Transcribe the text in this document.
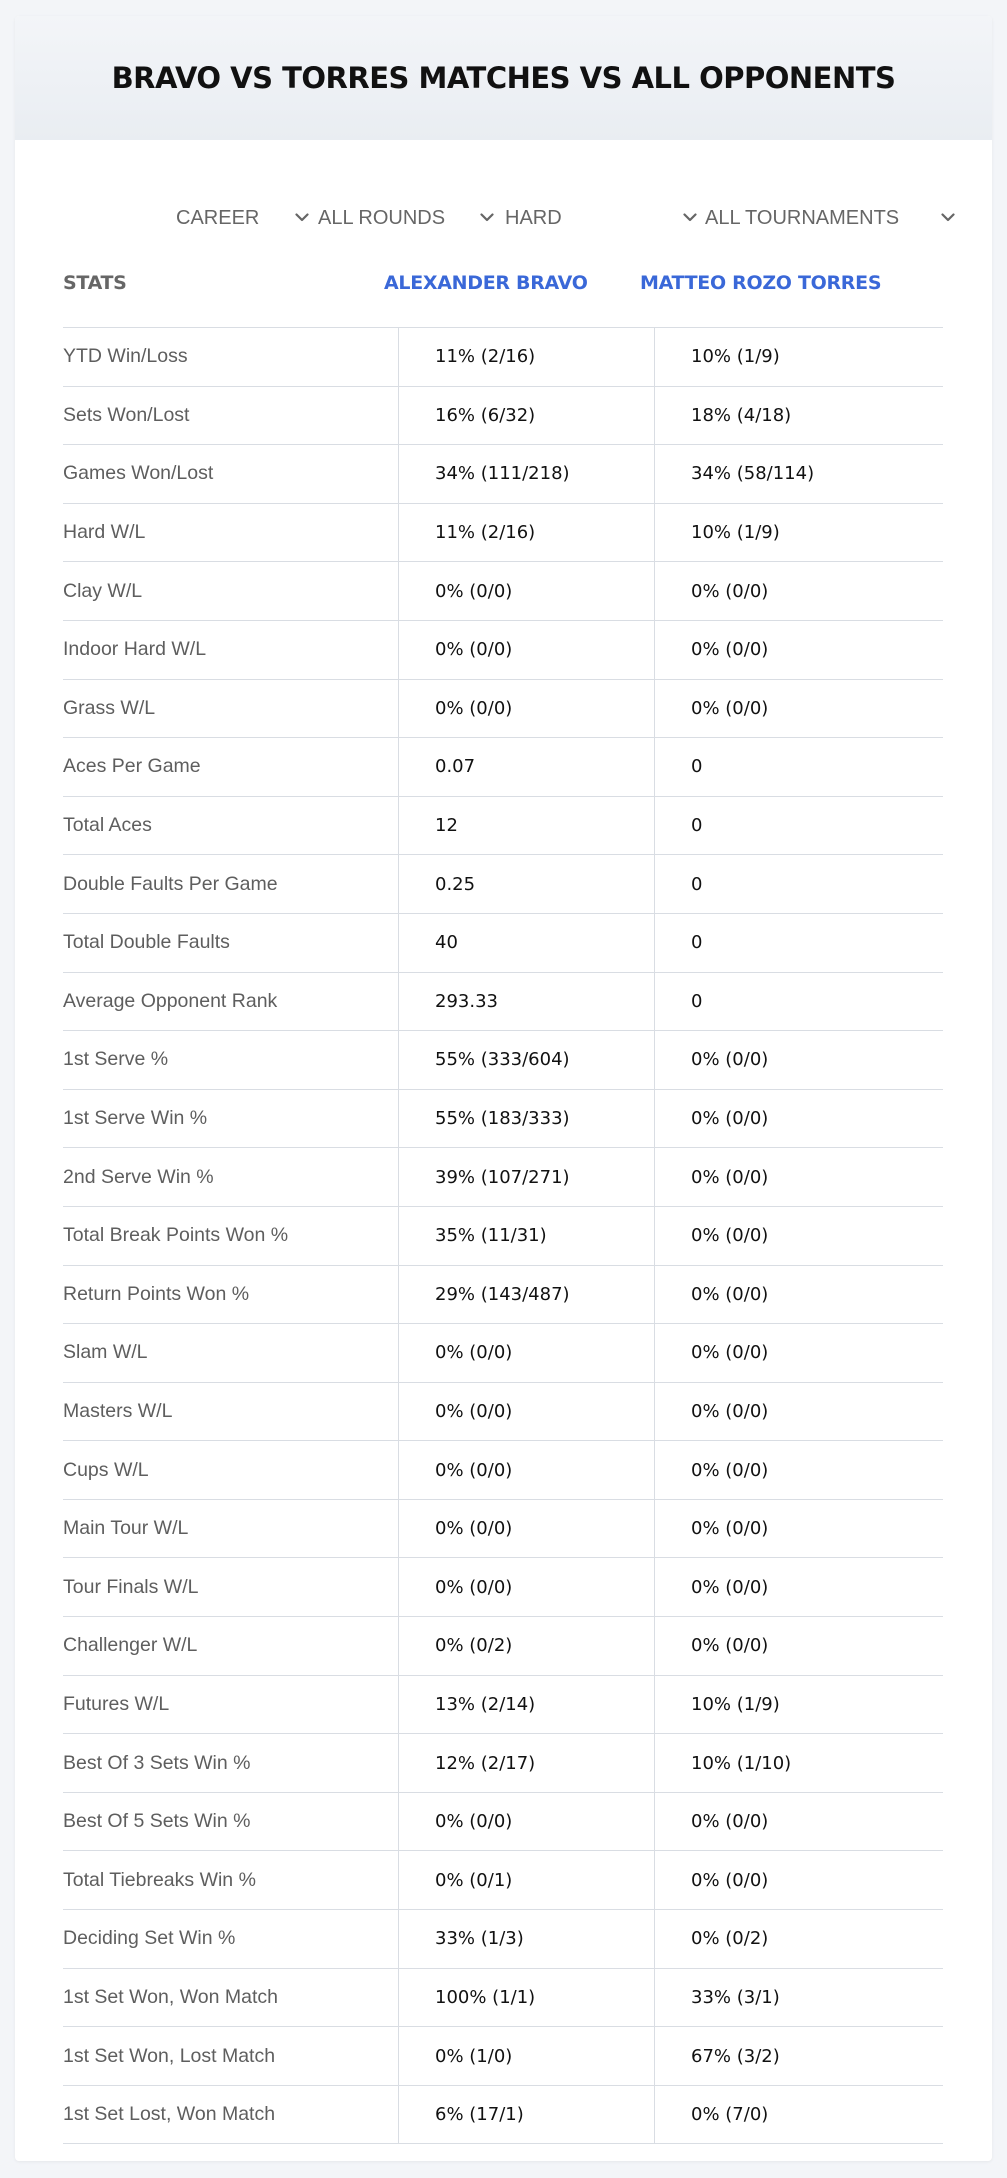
BRAVO VS TORRES MATCHES VS ALL OPPONENTS
CAREER	ALL ROUNDS	HARD	ALL TOURNAMENTS
STATS	ALEXANDER BRAVO	MATTEO ROZO TORRES
YTD Win/Loss	11% (2/16)	10% (1/9)
Sets Won/Lost	16% (6/32)	18% (4/18)
Games Won/Lost	34% (111/218)	34% (58/114)
Hard W/L	11% (2/16)	10% (1/9)
Clay W/L	0% (0/0)	0% (0/0)
Indoor Hard W/L	0% (0/0)	0% (0/0)
Grass W/L	0% (0/0)	0% (0/0)
Aces Per Game	0.07	0
Total Aces	12	0
Double Faults Per Game	0.25	0
Total Double Faults	40	0
Average Opponent Rank	293.33	0
1st Serve %	55% (333/604)	0% (0/0)
1st Serve Win %	55% (183/333)	0% (0/0)
2nd Serve Win %	39% (107/271)	0% (0/0)
Total Break Points Won %	35% (11/31)	0% (0/0)
Return Points Won %	29% (143/487)	0% (0/0)
Slam W/L	0% (0/0)	0% (0/0)
Masters W/L	0% (0/0)	0% (0/0)
Cups W/L	0% (0/0)	0% (0/0)
Main Tour W/L	0% (0/0)	0% (0/0)
Tour Finals W/L	0% (0/0)	0% (0/0)
Challenger W/L	0% (0/2)	0% (0/0)
Futures W/L	13% (2/14)	10% (1/9)
Best Of 3 Sets Win %	12% (2/17)	10% (1/10)
Best Of 5 Sets Win %	0% (0/0)	0% (0/0)
Total Tiebreaks Win %	0% (0/1)	0% (0/0)
Deciding Set Win %	33% (1/3)	0% (0/2)
1st Set Won, Won Match	100% (1/1)	33% (3/1)
1st Set Won, Lost Match	0% (1/0)	67% (3/2)
1st Set Lost, Won Match	6% (17/1)	0% (7/0)
